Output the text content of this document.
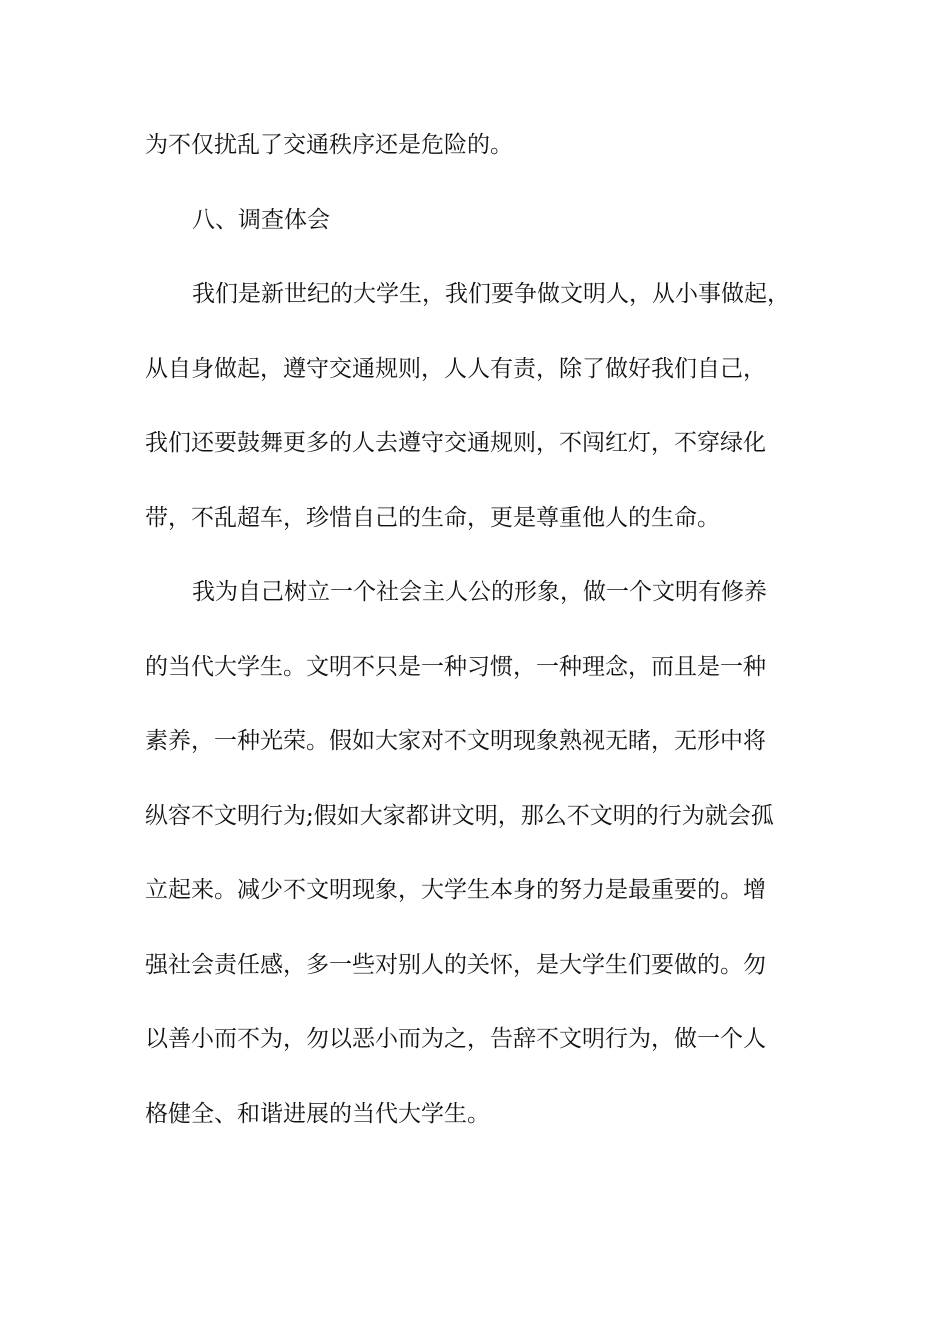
为不仅扰乱了交通秩序还是危险的。
八、调查体会
我们是新世纪的大学生，我们要争做文明人，从小事做起，
从自身做起，遵守交通规则，人人有责，除了做好我们自己，
我们还要鼓舞更多的人去遵守交通规则，不闯红灯，不穿绿化
带，不乱超车，珍惜自己的生命，更是尊重他人的生命。
我为自己树立一个社会主人公的形象，做一个文明有修养
的当代大学生。文明不只是一种习惯，一种理念，而且是一种
素养，一种光荣。假如大家对不文明现象熟视无睹，无形中将
纵容不文明行为;假如大家都讲文明，那么不文明的行为就会孤
立起来。减少不文明现象，大学生本身的努力是最重要的。增
强社会责任感，多一些对别人的关怀，是大学生们要做的。勿
以善小而不为，勿以恶小而为之，告辞不文明行为，做一个人
格健全、和谐进展的当代大学生。
